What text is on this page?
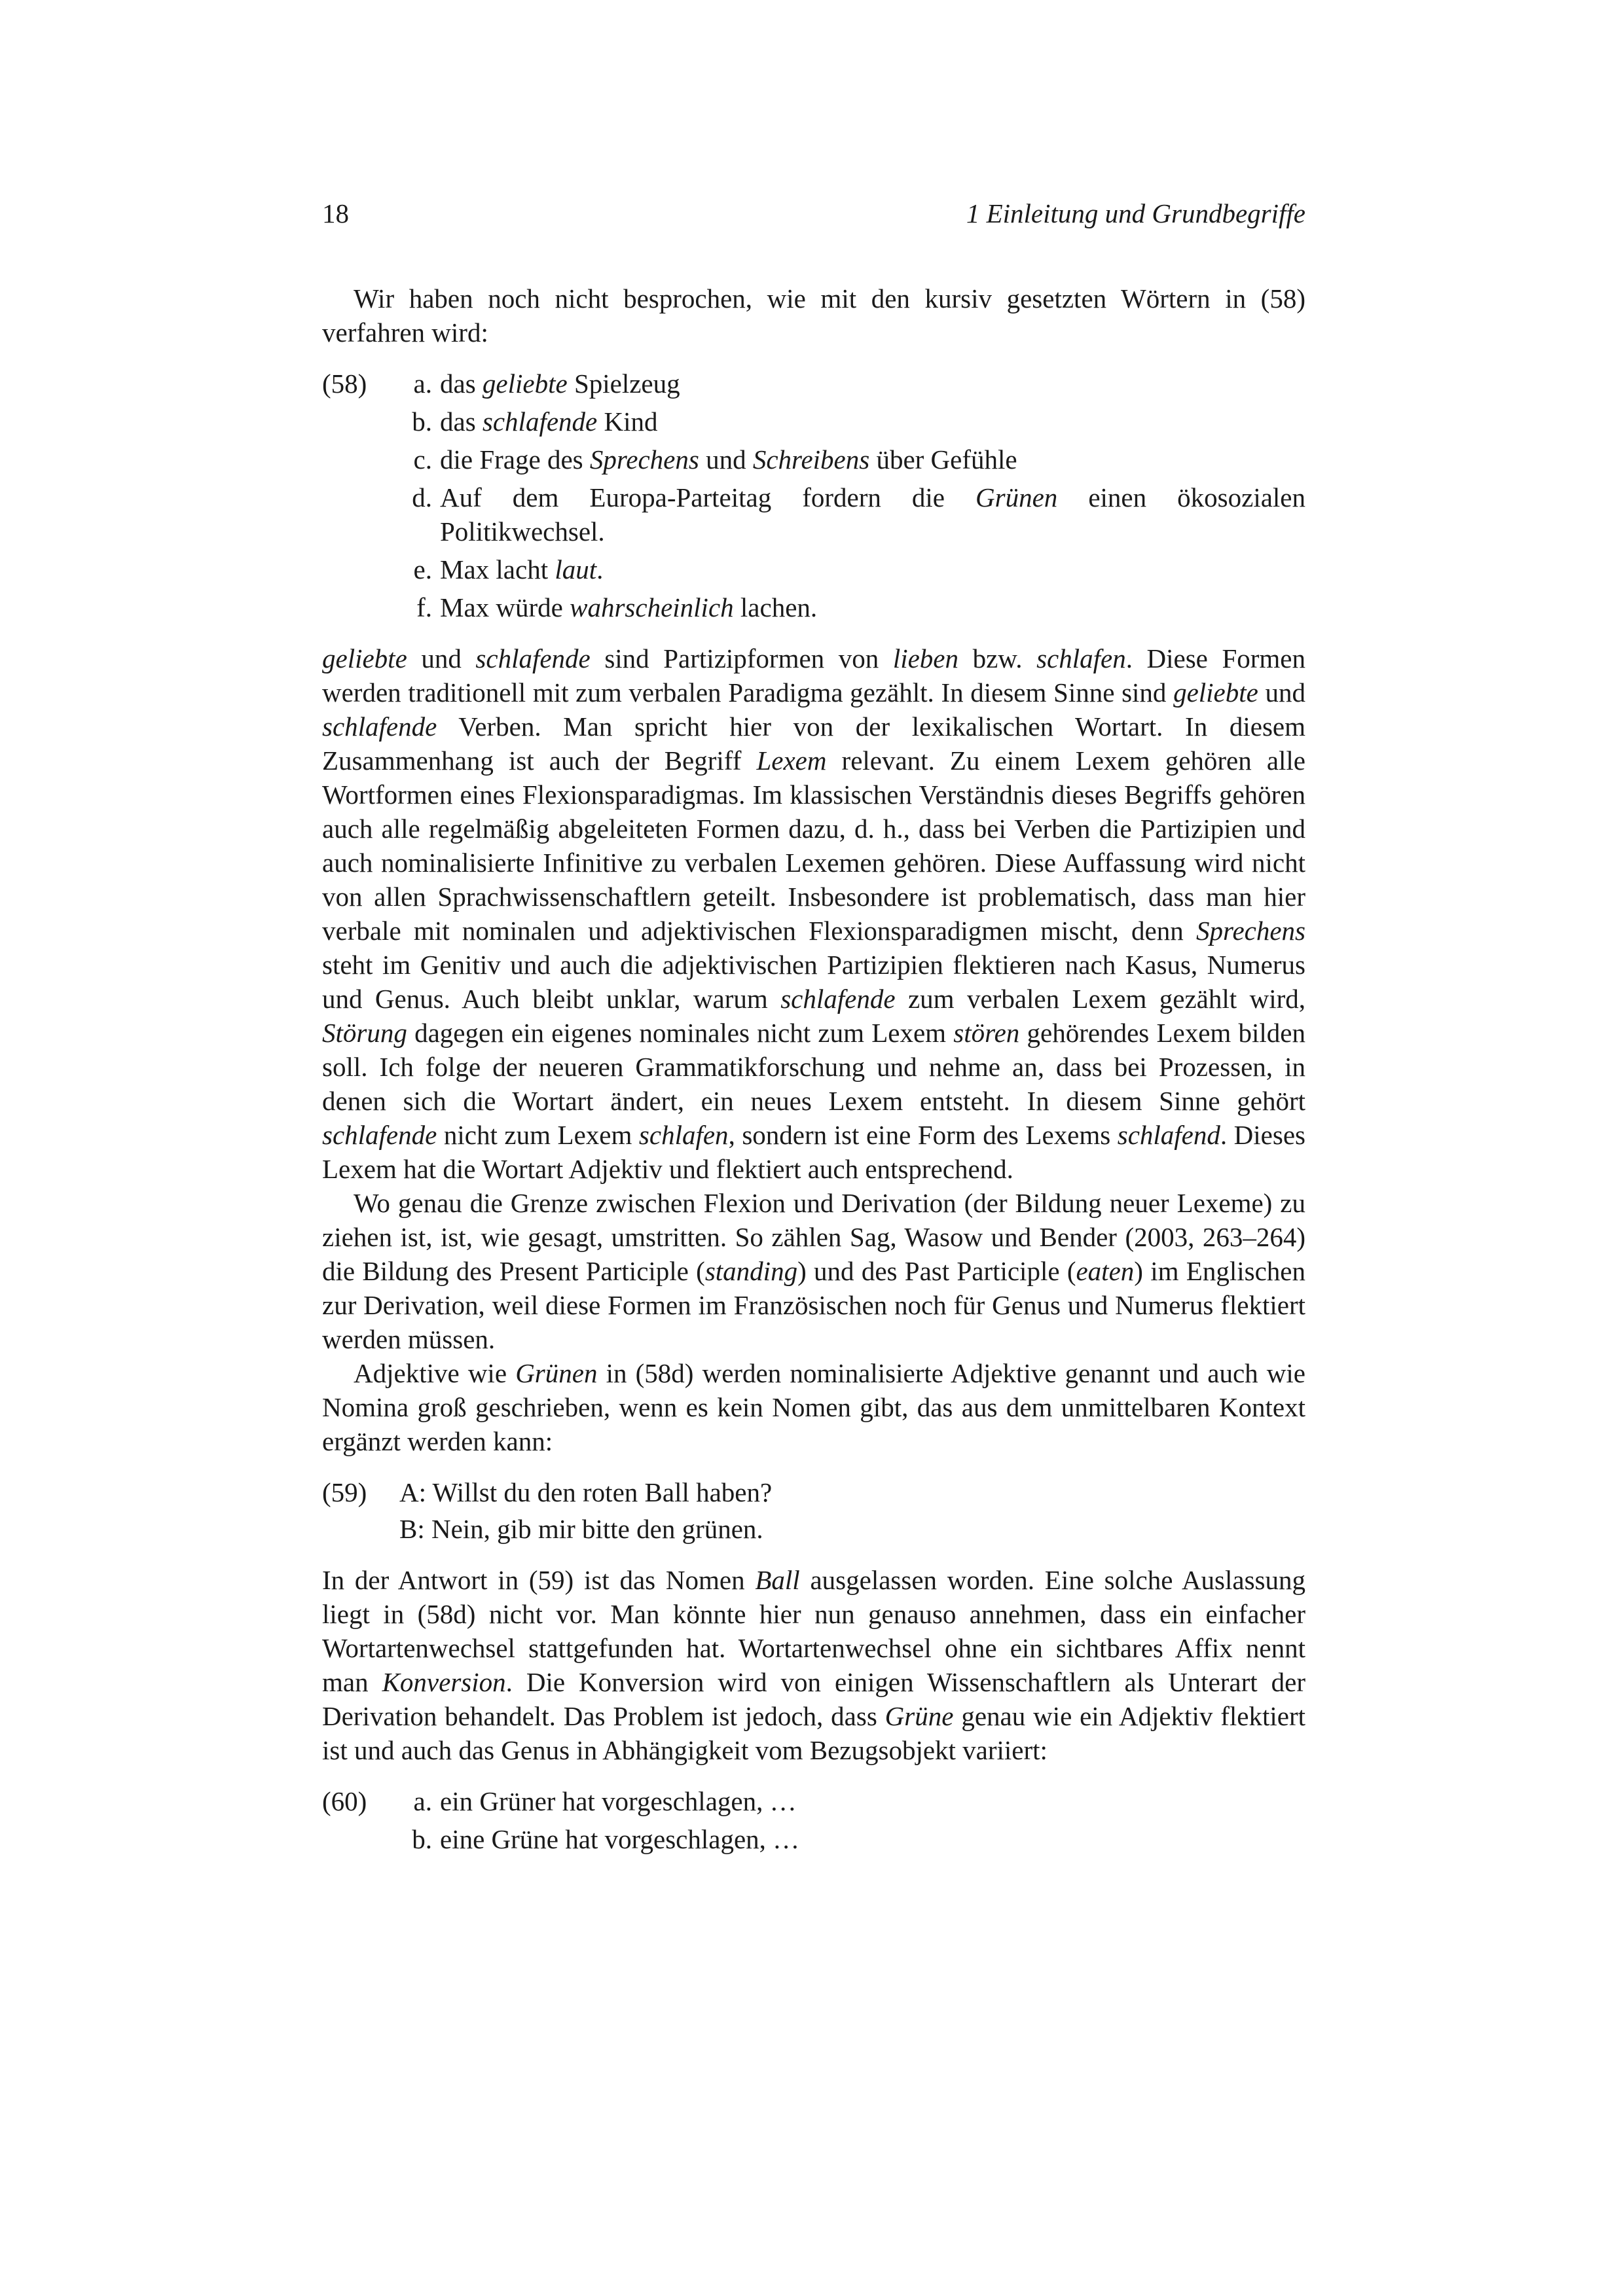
18	1 Einleitung und Grundbegriffe

Wir haben noch nicht besprochen, wie mit den kursiv gesetzten Wörtern in (58) verfahren wird:

(58)	a. das geliebte Spielzeug
b. das schlafende Kind
c. die Frage des Sprechens und Schreibens über Gefühle
d. Auf dem Europa-Parteitag fordern die Grünen einen ökosozialen Politikwechsel.
e. Max lacht laut.
f. Max würde wahrscheinlich lachen.

geliebte und schlafende sind Partizipformen von lieben bzw. schlafen. Diese Formen werden traditionell mit zum verbalen Paradigma gezählt. In diesem Sinne sind geliebte und schlafende Verben. Man spricht hier von der lexikalischen Wortart. In diesem Zusammenhang ist auch der Begriff Lexem relevant. Zu einem Lexem gehören alle Wortformen eines Flexionsparadigmas. Im klassischen Verständnis dieses Begriffs gehören auch alle regelmäßig abgeleiteten Formen dazu, d. h., dass bei Verben die Partizipien und auch nominalisierte Infinitive zu verbalen Lexemen gehören. Diese Auffassung wird nicht von allen Sprachwissenschaftlern geteilt. Insbesondere ist problematisch, dass man hier verbale mit nominalen und adjektivischen Flexionsparadigmen mischt, denn Sprechens steht im Genitiv und auch die adjektivischen Partizipien flektieren nach Kasus, Numerus und Genus. Auch bleibt unklar, warum schlafende zum verbalen Lexem gezählt wird, Störung dagegen ein eigenes nominales nicht zum Lexem stören gehörendes Lexem bilden soll. Ich folge der neueren Grammatikforschung und nehme an, dass bei Prozessen, in denen sich die Wortart ändert, ein neues Lexem entsteht. In diesem Sinne gehört schlafende nicht zum Lexem schlafen, sondern ist eine Form des Lexems schlafend. Dieses Lexem hat die Wortart Adjektiv und flektiert auch entsprechend.

Wo genau die Grenze zwischen Flexion und Derivation (der Bildung neuer Lexeme) zu ziehen ist, ist, wie gesagt, umstritten. So zählen Sag, Wasow und Bender (2003, 263–264) die Bildung des Present Participle (standing) und des Past Participle (eaten) im Englischen zur Derivation, weil diese Formen im Französischen noch für Genus und Numerus flektiert werden müssen.

Adjektive wie Grünen in (58d) werden nominalisierte Adjektive genannt und auch wie Nomina groß geschrieben, wenn es kein Nomen gibt, das aus dem unmittelbaren Kontext ergänzt werden kann:

(59) A: Willst du den roten Ball haben?
B: Nein, gib mir bitte den grünen.

In der Antwort in (59) ist das Nomen Ball ausgelassen worden. Eine solche Auslassung liegt in (58d) nicht vor. Man könnte hier nun genauso annehmen, dass ein einfacher Wortartenwechsel stattgefunden hat. Wortartenwechsel ohne ein sichtbares Affix nennt man Konversion. Die Konversion wird von einigen Wissenschaftlern als Unterart der Derivation behandelt. Das Problem ist jedoch, dass Grüne genau wie ein Adjektiv flektiert ist und auch das Genus in Abhängigkeit vom Bezugsobjekt variiert:

(60)	a. ein Grüner hat vorgeschlagen, …
b. eine Grüne hat vorgeschlagen, …
